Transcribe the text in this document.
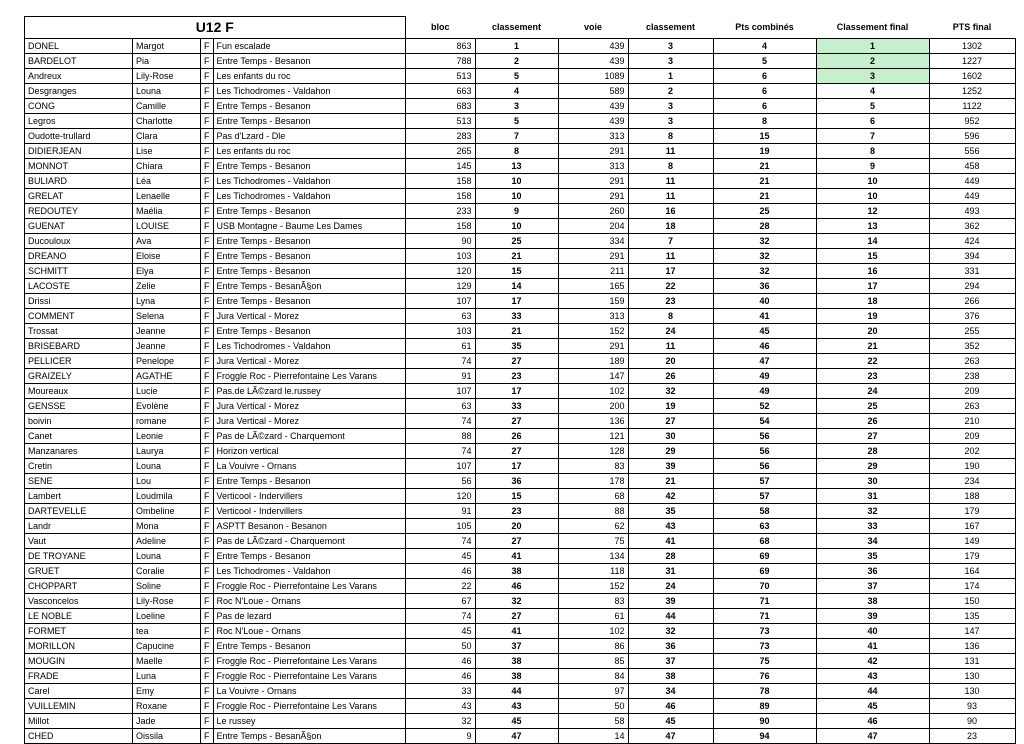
U12 F				bloc	classement	voie	classement	Pts combinés	Classement final	PTS final
DONEL	Margot	F	Fun escalade	863	1	439	3	4	1	1302
BARDELOT	Pia	F	Entre Temps - Besanon	788	2	439	3	5	2	1227
Andreux	Lily-Rose	F	Les enfants du roc	513	5	1089	1	6	3	1602
Desgranges	Louna	F	Les Tichodromes - Valdahon	663	4	589	2	6	4	1252
CONG	Camille	F	Entre Temps - Besanon	683	3	439	3	6	5	1122
Legros	Charlotte	F	Entre Temps - Besanon	513	5	439	3	8	6	952
Oudotte-trullard	Clara	F	Pas d'Lzard - Dle	283	7	313	8	15	7	596
DIDIERJEAN	Lise	F	Les enfants du roc	265	8	291	11	19	8	556
MONNOT	Chiara	F	Entre Temps - Besanon	145	13	313	8	21	9	458
BULIARD	Léa	F	Les Tichodromes - Valdahon	158	10	291	11	21	10	449
GRELAT	Lenaelle	F	Les Tichodromes - Valdahon	158	10	291	11	21	10	449
REDOUTEY	Maélia	F	Entre Temps - Besanon	233	9	260	16	25	12	493
GUENAT	LOUISE	F	USB Montagne - Baume Les Dames	158	10	204	18	28	13	362
Ducouloux	Ava	F	Entre Temps - Besanon	90	25	334	7	32	14	424
DREANO	Eloise	F	Entre Temps - Besanon	103	21	291	11	32	15	394
SCHMITT	Elya	F	Entre Temps - Besanon	120	15	211	17	32	16	331
LACOSTE	Zelie	F	Entre Temps - BesanÃ§on	129	14	165	22	36	17	294
Drissi	Lyna	F	Entre Temps - Besanon	107	17	159	23	40	18	266
COMMENT	Selena	F	Jura Vertical - Morez	63	33	313	8	41	19	376
Trossat	Jeanne	F	Entre Temps - Besanon	103	21	152	24	45	20	255
BRISEBARD	Jeanne	F	Les Tichodromes - Valdahon	61	35	291	11	46	21	352
PELLICER	Penelope	F	Jura Vertical - Morez	74	27	189	20	47	22	263
GRAIZELY	AGATHE	F	Froggle Roc - Pierrefontaine Les Varans	91	23	147	26	49	23	238
Moureaux	Lucie	F	Pas.de LÃ©zard le.russey	107	17	102	32	49	24	209
GENSSE	Evolène	F	Jura Vertical - Morez	63	33	200	19	52	25	263
boivin	romane	F	Jura Vertical - Morez	74	27	136	27	54	26	210
Canet	Leonie	F	Pas de LÃ©zard - Charquemont	88	26	121	30	56	27	209
Manzanares	Laurya	F	Horizon vertical	74	27	128	29	56	28	202
Cretin	Louna	F	La Vouivre - Ornans	107	17	83	39	56	29	190
SENE	Lou	F	Entre Temps - Besanon	56	36	178	21	57	30	234
Lambert	Loudmila	F	Verticool - Indervillers	120	15	68	42	57	31	188
DARTEVELLE	Ombeline	F	Verticool - Indervillers	91	23	88	35	58	32	179
Landr	Mona	F	ASPTT Besanon - Besanon	105	20	62	43	63	33	167
Vaut	Adeline	F	Pas de LÃ©zard - Charquemont	74	27	75	41	68	34	149
DE TROYANE	Louna	F	Entre Temps - Besanon	45	41	134	28	69	35	179
GRUET	Coralie	F	Les Tichodromes - Valdahon	46	38	118	31	69	36	164
CHOPPART	Soline	F	Froggle Roc - Pierrefontaine Les Varans	22	46	152	24	70	37	174
Vasconcelos	Lily-Rose	F	Roc N'Loue - Ornans	67	32	83	39	71	38	150
LE NOBLE	Loeline	F	Pas de lezard	74	27	61	44	71	39	135
FORMET	tea	F	Roc N'Loue - Ornans	45	41	102	32	73	40	147
MORILLON	Capucine	F	Entre Temps - Besanon	50	37	86	36	73	41	136
MOUGIN	Maelle	F	Froggle Roc - Pierrefontaine Les Varans	46	38	85	37	75	42	131
FRADE	Luna	F	Froggle Roc - Pierrefontaine Les Varans	46	38	84	38	76	43	130
Carel	Emy	F	La Vouivre - Ornans	33	44	97	34	78	44	130
VUILLEMIN	Roxane	F	Froggle Roc - Pierrefontaine Les Varans	43	43	50	46	89	45	93
Millot	Jade	F	Le russey	32	45	58	45	90	46	90
CHED	Oissila	F	Entre Temps - BesanÃ§on	9	47	14	47	94	47	23
